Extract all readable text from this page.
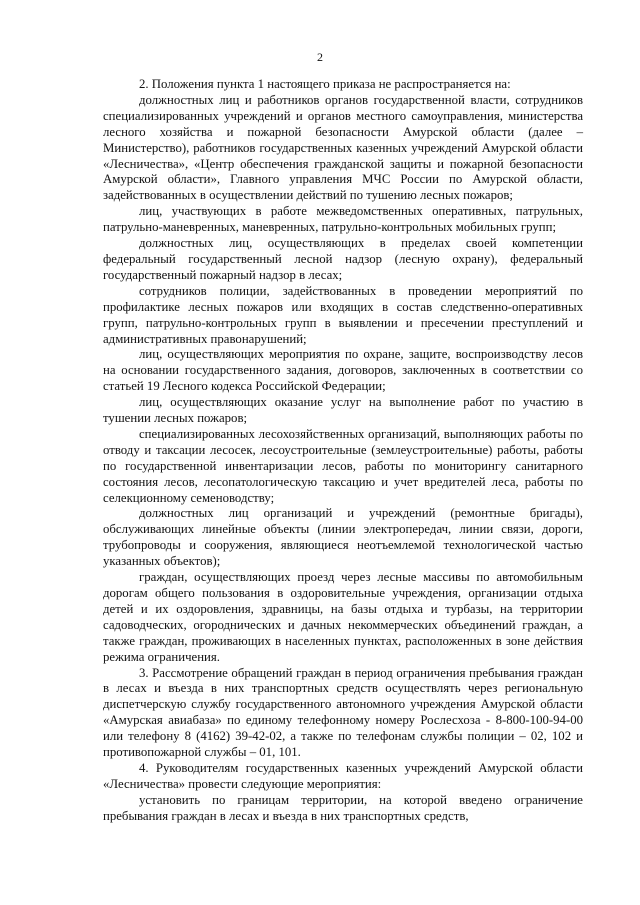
2

2. Положения пункта 1 настоящего приказа не распространяется на:

должностных лиц и работников органов государственной власти, сотрудников специализированных учреждений и органов местного самоуправления, министерства лесного хозяйства и пожарной безопасности Амурской области (далее – Министерство), работников государственных казенных учреждений Амурской области «Лесничества», «Центр обеспечения гражданской защиты и пожарной безопасности Амурской области», Главного управления МЧС России по Амурской области, задействованных в осуществлении действий по тушению лесных пожаров;

лиц, участвующих в работе межведомственных оперативных, патрульных, патрульно-маневренных, маневренных, патрульно-контрольных мобильных групп;

должностных лиц, осуществляющих в пределах своей компетенции федеральный государственный лесной надзор (лесную охрану), федеральный государственный пожарный надзор в лесах;

сотрудников полиции, задействованных в проведении мероприятий по профилактике лесных пожаров или входящих в состав следственно-оперативных групп, патрульно-контрольных групп в выявлении и пресечении преступлений и административных правонарушений;

лиц, осуществляющих мероприятия по охране, защите, воспроизводству лесов на основании государственного задания, договоров, заключенных в соответствии со статьей 19 Лесного кодекса Российской Федерации;

лиц, осуществляющих оказание услуг на выполнение работ по участию в тушении лесных пожаров;

специализированных лесохозяйственных организаций, выполняющих работы по отводу и таксации лесосек, лесоустроительные (землеустроительные) работы, работы по государственной инвентаризации лесов, работы по мониторингу санитарного состояния лесов, лесопатологическую таксацию и учет вредителей леса, работы по селекционному семеноводству;

должностных лиц организаций и учреждений (ремонтные бригады), обслуживающих линейные объекты (линии электропередач, линии связи, дороги, трубопроводы и сооружения, являющиеся неотъемлемой технологической частью указанных объектов);

граждан, осуществляющих проезд через лесные массивы по автомобильным дорогам общего пользования в оздоровительные учреждения, организации отдыха детей и их оздоровления, здравницы, на базы отдыха и турбазы, на территории садоводческих, огороднических и дачных некоммерческих объединений граждан, а также граждан, проживающих в населенных пунктах, расположенных в зоне действия режима ограничения.

3. Рассмотрение обращений граждан в период ограничения пребывания граждан в лесах и въезда в них транспортных средств осуществлять через региональную диспетчерскую службу государственного автономного учреждения Амурской области «Амурская авиабаза» по единому телефонному номеру Рослесхоза - 8-800-100-94-00 или телефону 8 (4162) 39-42-02, а также по телефонам службы полиции – 02, 102 и противопожарной службы – 01, 101.

4. Руководителям государственных казенных учреждений Амурской области «Лесничества» провести следующие мероприятия:

установить по границам территории, на которой введено ограничение пребывания граждан в лесах и въезда в них транспортных средств,
